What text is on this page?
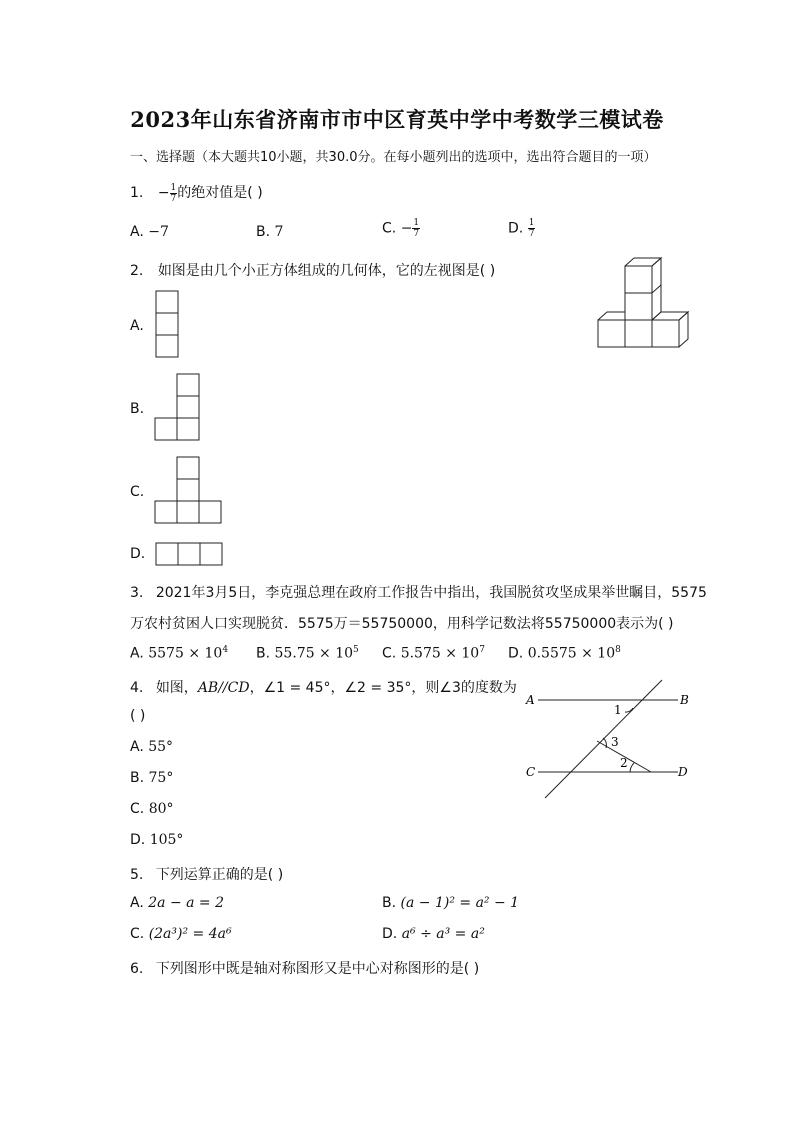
2023年山东省济南市市中区育英中学中考数学三模试卷
一、选择题（本大题共10小题，共30.0分。在每小题列出的选项中，选出符合题目的一项）
1. − $\frac{1}{7}$ 的绝对值是( )
A. −7	B. 7	C. − $\frac{1}{7}$	D. $\frac{1}{7}$
2. 如图是由几个小正方体组成的几何体，它的左视图是( )
A.
B.
C.
D.
3. 2021年3月5日，李克强总理在政府工作报告中指出，我国脱贫攻坚成果举世瞩目，5575
万农村贫困人口实现脱贫．5575万＝55750000，用科学记数法将55750000表示为( )
A. $5575 \times 10^4$ B. $55.75 \times 10^5$ C. $5.575 \times 10^7$ D. $0.5575 \times 10^8$
4. 如图，AB//CD，∠1 = 45°，∠2 = 35°，则∠3的度数为
( )
A. 55°
B. 75°
C. 80°
D. 105°
A	B
C	D
1
3
2
5. 下列运算正确的是( )
A. 2a − a = 2	B. (a − 1)² = a² − 1
C. (2a³)² = 4a⁶	D. a⁶ ÷ a³ = a²
6. 下列图形中既是轴对称图形又是中心对称图形的是( )
